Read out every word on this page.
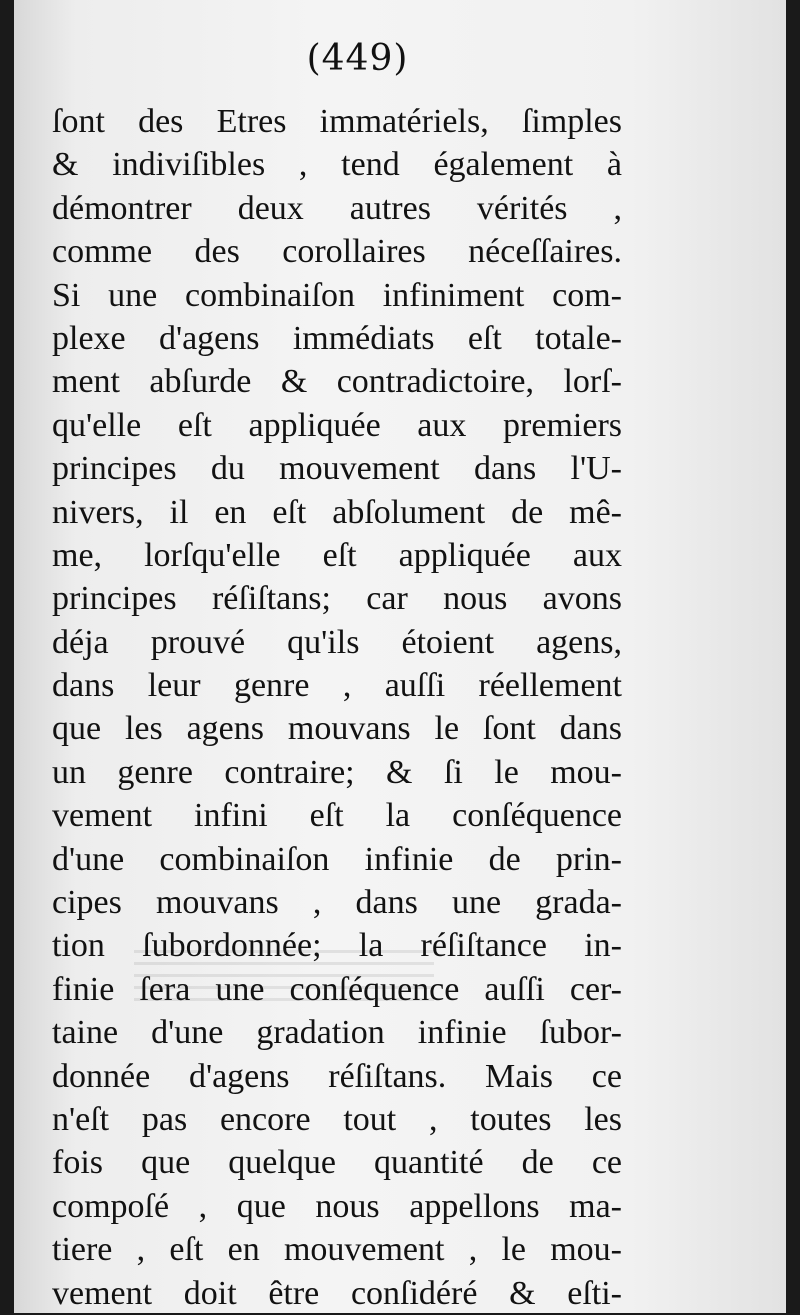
(449)
ſont des Etres immatériels, ſimples
& indiviſibles , tend également à
démontrer deux autres vérités ,
comme des corollaires néceſſaires.
Si une combinaiſon infiniment com-
plexe d'agens immédiats eſt totale-
ment abſurde & contradictoire, lorſ-
qu'elle eſt appliquée aux premiers
principes du mouvement dans l'U-
nivers, il en eſt abſolument de mê-
me, lorſqu'elle eſt appliquée aux
principes réſiſtans; car nous avons
déja prouvé qu'ils étoient agens,
dans leur genre , auſſi réellement
que les agens mouvans le ſont dans
un genre contraire; & ſi le mou-
vement infini eſt la conſéquence
d'une combinaiſon infinie de prin-
cipes mouvans , dans une grada-
tion ſubordonnée; la réſiſtance in-
finie ſera une conſéquence auſſi cer-
taine d'une gradation infinie ſubor-
donnée d'agens réſiſtans. Mais ce
n'eſt pas encore tout , toutes les
fois que quelque quantité de ce
compoſé , que nous appellons ma-
tiere , eſt en mouvement , le mou-
vement doit être conſidéré & eſti-
